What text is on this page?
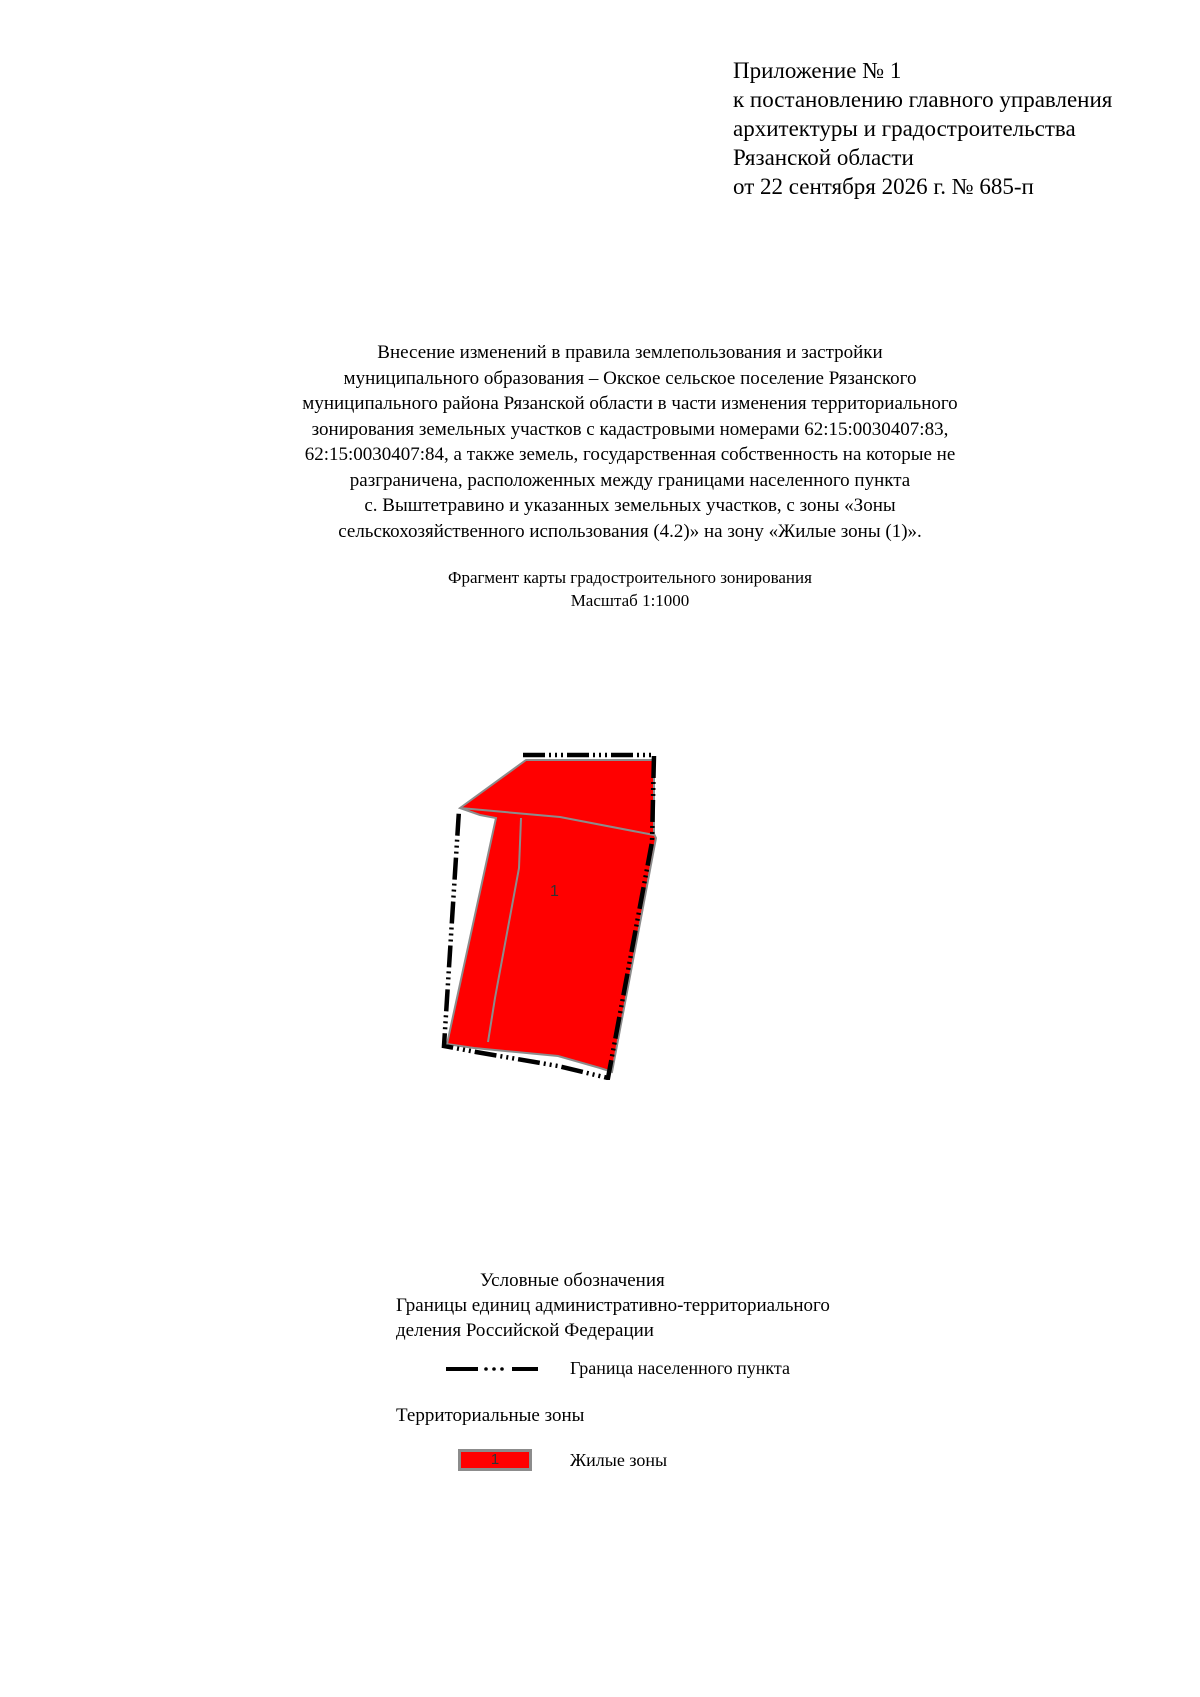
Приложение № 1
к постановлению главного управления
архитектуры и градостроительства
Рязанской области
от 22 сентября 2026 г. № 685-п
Внесение изменений в правила землепользования и застройки
муниципального образования – Окское сельское поселение Рязанского
муниципального района Рязанской области в части изменения территориального
зонирования земельных участков с кадастровыми номерами 62:15:0030407:83,
62:15:0030407:84, а также земель, государственная собственность на которые не
разграничена, расположенных между границами населенного пункта
с. Выштетравино и указанных земельных участков, с зоны «Зоны
сельскохозяйственного использования (4.2)» на зону «Жилые зоны (1)».
Фрагмент карты градостроительного зонирования
Масштаб 1:1000
1
Условные обозначения
Границы единиц административно-территориального
деления Российской Федерации
Граница населенного пункта
Территориальные зоны
1	Жилые зоны
